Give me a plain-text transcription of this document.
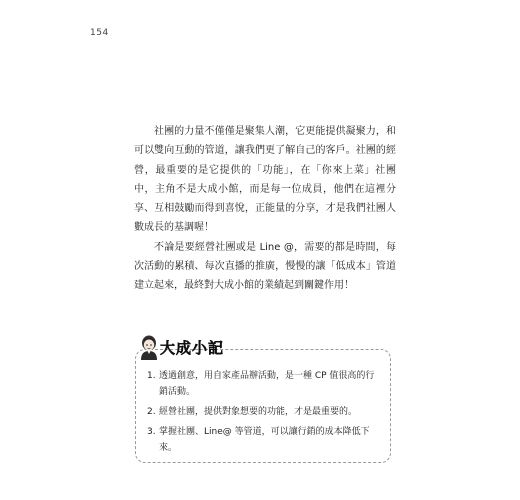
154

社團的力量不僅僅是聚集人潮，它更能提供凝聚力，和可以雙向互動的管道，讓我們更了解自己的客戶。社團的經營，最重要的是它提供的「功能」，在「你來上菜」社團中，主角不是大成小館，而是每一位成員，他們在這裡分享、互相鼓勵而得到喜悅，正能量的分享，才是我們社團人數成長的基調喔！

不論是要經營社團或是 Line @，需要的都是時間，每次活動的累積、每次直播的推廣，慢慢的讓「低成本」管道建立起來，最終對大成小館的業績起到關鍵作用！

大成小記
1. 透過創意，用自家產品辦活動，是一種 CP 值很高的行銷活動。
2. 經營社團，提供對象想要的功能，才是最重要的。
3. 掌握社團、Line@ 等管道，可以讓行銷的成本降低下來。
